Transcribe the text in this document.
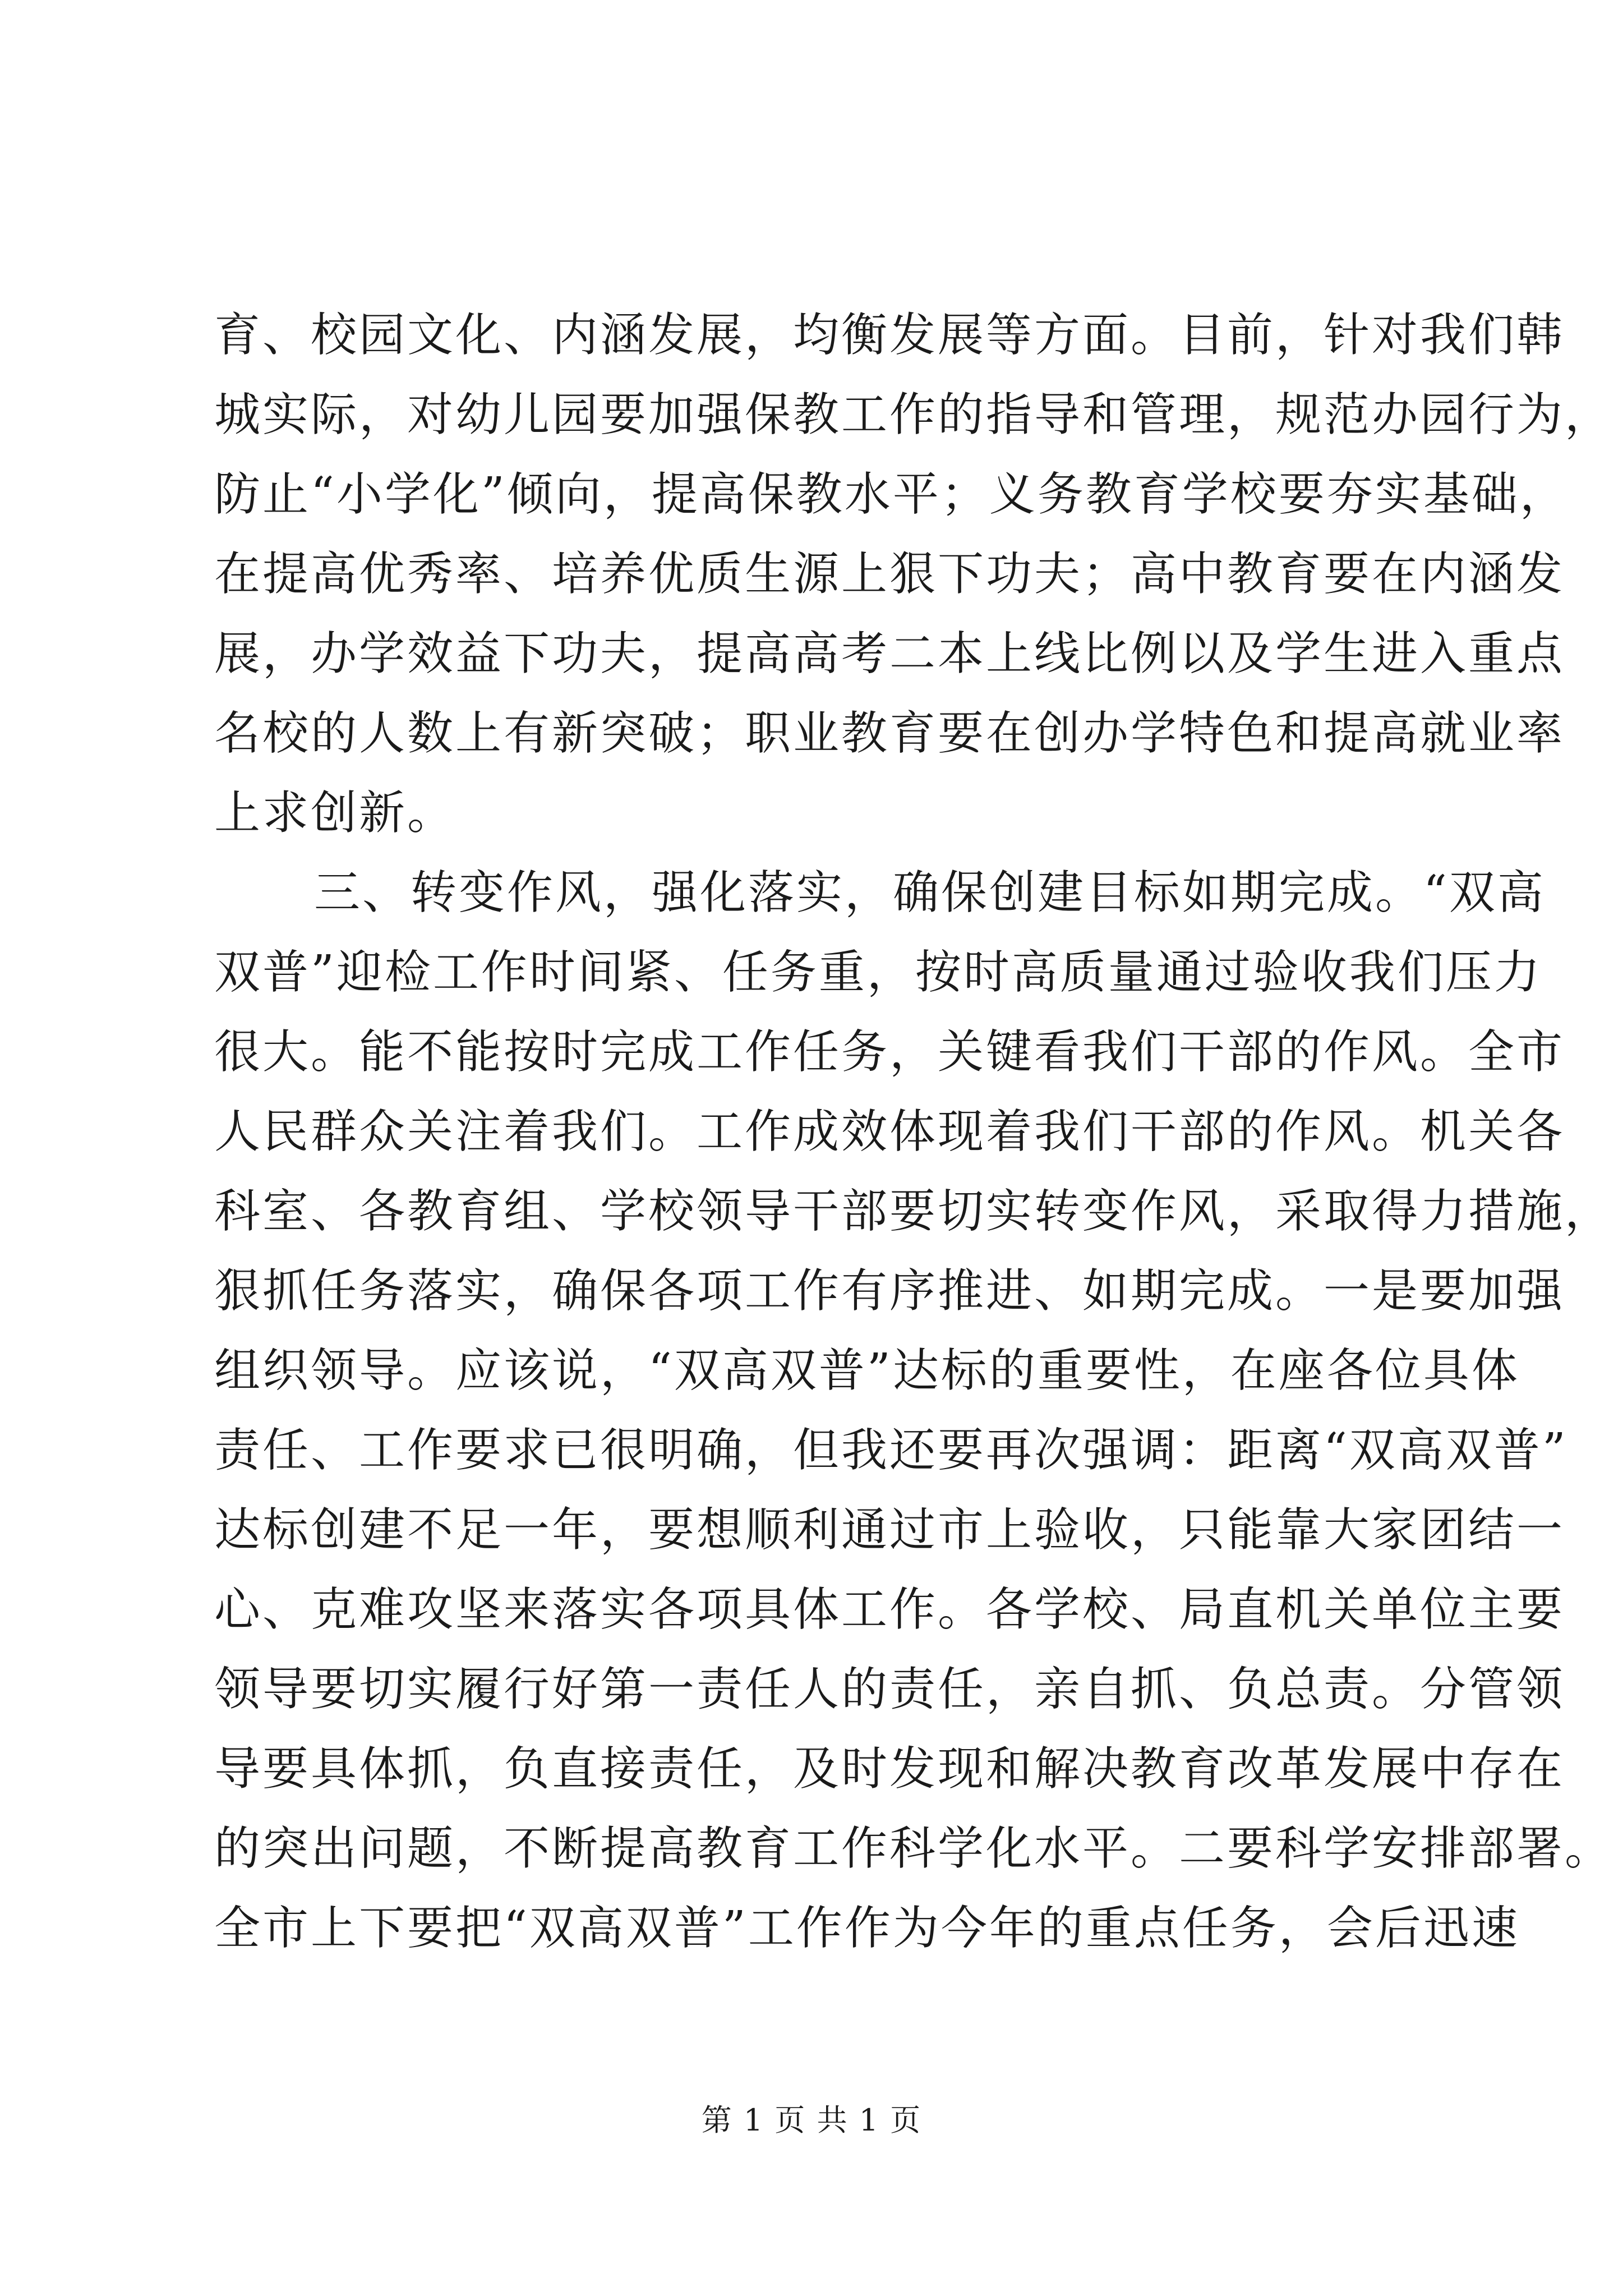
育、校园文化、内涵发展，均衡发展等方面。目前，针对我们韩
城实际，对幼儿园要加强保教工作的指导和管理，规范办园行为，
防止“小学化”倾向，提高保教水平；义务教育学校要夯实基础，
在提高优秀率、培养优质生源上狠下功夫；高中教育要在内涵发
展，办学效益下功夫，提高高考二本上线比例以及学生进入重点
名校的人数上有新突破；职业教育要在创办学特色和提高就业率
上求创新。
三、转变作风，强化落实，确保创建目标如期完成。“双高
双普”迎检工作时间紧、任务重，按时高质量通过验收我们压力
很大。能不能按时完成工作任务，关键看我们干部的作风。全市
人民群众关注着我们。工作成效体现着我们干部的作风。机关各
科室、各教育组、学校领导干部要切实转变作风，采取得力措施，
狠抓任务落实，确保各项工作有序推进、如期完成。一是要加强
组织领导。应该说，“双高双普”达标的重要性，在座各位具体
责任、工作要求已很明确，但我还要再次强调：距离“双高双普”
达标创建不足一年，要想顺利通过市上验收，只能靠大家团结一
心、克难攻坚来落实各项具体工作。各学校、局直机关单位主要
领导要切实履行好第一责任人的责任，亲自抓、负总责。分管领
导要具体抓，负直接责任，及时发现和解决教育改革发展中存在
的突出问题，不断提高教育工作科学化水平。二要科学安排部署。
全市上下要把“双高双普”工作作为今年的重点任务，会后迅速
第 1 页 共 1 页
